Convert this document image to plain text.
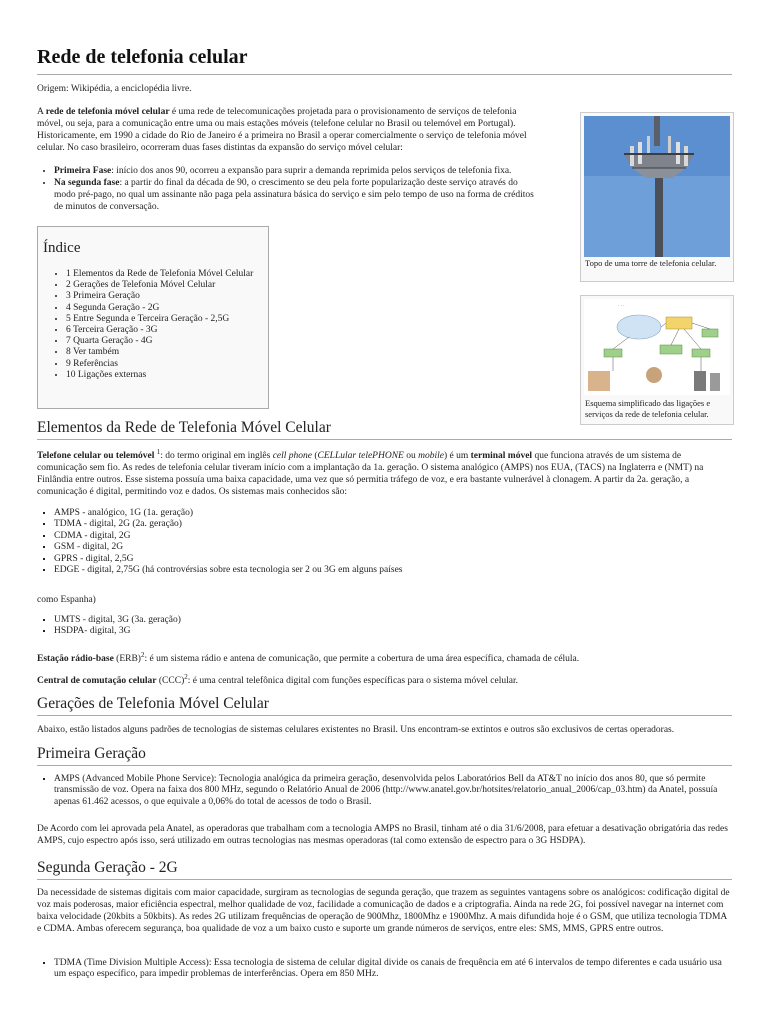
Rede de telefonia celular
Origem: Wikipédia, a enciclopédia livre.
A rede de telefonia móvel celular é uma rede de telecomunicações projetada para o provisionamento de serviços de telefonia móvel, ou seja, para a comunicação entre uma ou mais estações móveis (telefone celular no Brasil ou telemóvel em Portugal). Historicamente, em 1990 a cidade do Rio de Janeiro é a primeira no Brasil a operar comercialmente o serviço de telefonia móvel celular. No caso brasileiro, ocorreram duas fases distintas da expansão do serviço móvel celular:
• Primeira Fase: início dos anos 90, ocorreu a expansão para suprir a demanda reprimida pelos serviços de telefonia fixa.
• Na segunda fase: a partir do final da década de 90, o crescimento se deu pela forte popularização deste serviço através do modo pré-pago, no qual um assinante não paga pela assinatura básica do serviço e sim pelo tempo de uso na forma de créditos de minutos de conversação.
Índice
• 1 Elementos da Rede de Telefonia Móvel Celular
• 2 Gerações de Telefonia Móvel Celular
• 3 Primeira Geração
• 4 Segunda Geração - 2G
• 5 Entre Segunda e Terceira Geração - 2,5G
• 6 Terceira Geração - 3G
• 7 Quarta Geração - 4G
• 8 Ver também
• 9 Referências
• 10 Ligações externas
Topo de uma torre de telefonia celular.
· · ·
Esquema simplificado das ligações e serviços da rede de telefonia celular.
Elementos da Rede de Telefonia Móvel Celular
Telefone celular ou telemóvel $^1$: do termo original em inglês cell phone (CELLular telePHONE ou mobile) é um terminal móvel que funciona através de um sistema de comunicação sem fio. As redes de telefonia celular tiveram início com a implantação da 1a. geração. O sistema analógico (AMPS) nos EUA, (TACS) na Inglaterra e (NMT) na Finlândia entre outros. Esse sistema possuía uma baixa capacidade, uma vez que só permitia tráfego de voz, e era bastante vulnerável à clonagem. A partir da 2a. geração, a comunicação é digital, permitindo voz e dados. Os sistemas mais conhecidos são:
▪ AMPS - analógico, 1G (1a. geração)
▪ TDMA - digital, 2G (2a. geração)
▪ CDMA - digital, 2G
▪ GSM - digital, 2G
▪ GPRS - digital, 2,5G
▪ EDGE - digital, 2,75G (há controvérsias sobre esta tecnologia ser 2 ou 3G em alguns países
como Espanha)
▪ UMTS - digital, 3G (3a. geração)
▪ HSDPA- digital, 3G
Estação rádio-base (ERB)$^2$: é um sistema rádio e antena de comunicação, que permite a cobertura de uma área específica, chamada de célula.
Central de comutação celular (CCC)$^2$: é uma central telefônica digital com funções específicas para o sistema móvel celular.
Gerações de Telefonia Móvel Celular
Abaixo, estão listados alguns padrões de tecnologias de sistemas celulares existentes no Brasil. Uns encontram-se extintos e outros são exclusivos de certas operadoras.
Primeira Geração
▪ AMPS (Advanced Mobile Phone Service): Tecnologia analógica da primeira geração, desenvolvida pelos Laboratórios Bell da AT&T no início dos anos 80, que só permite transmissão de voz. Opera na faixa dos 800 MHz, segundo o Relatório Anual de 2006 (http://www.anatel.gov.br/hotsites/relatorio_anual_2006/cap_03.htm) da Anatel, possuía apenas 61.462 acessos, o que equivale a 0,06% do total de acessos de todo o Brasil.
De Acordo com lei aprovada pela Anatel, as operadoras que trabalham com a tecnologia AMPS no Brasil, tinham até o dia 31/6/2008, para efetuar a desativação obrigatória das redes AMPS, cujo espectro após isso, será utilizado em outras tecnologias nas mesmas operadoras (tal como extensão de espectro para o 3G HSDPA).
Segunda Geração - 2G
Da necessidade de sistemas digitais com maior capacidade, surgiram as tecnologias de segunda geração, que trazem as seguintes vantagens sobre os analógicos: codificação digital de voz mais poderosas, maior eficiência espectral, melhor qualidade de voz, facilidade a comunicação de dados e a criptografia. Ainda na rede 2G, foi possível navegar na internet com baixa velocidade (20kbits a 50kbits). As redes 2G utilizam frequências de operação de 900Mhz, 1800Mhz e 1900Mhz. A mais difundida hoje é o GSM, que utiliza tecnologia TDMA e CDMA. Ambas oferecem segurança, boa qualidade de voz a um baixo custo e suporte um grande números de serviços, entre eles: SMS, MMS, GPRS entre outros.
▪ TDMA (Time Division Multiple Access): Essa tecnologia de sistema de celular digital divide os canais de frequência em até 6 intervalos de tempo diferentes e cada usuário usa um espaço específico, para impedir problemas de interferências. Opera em 850 MHz.
